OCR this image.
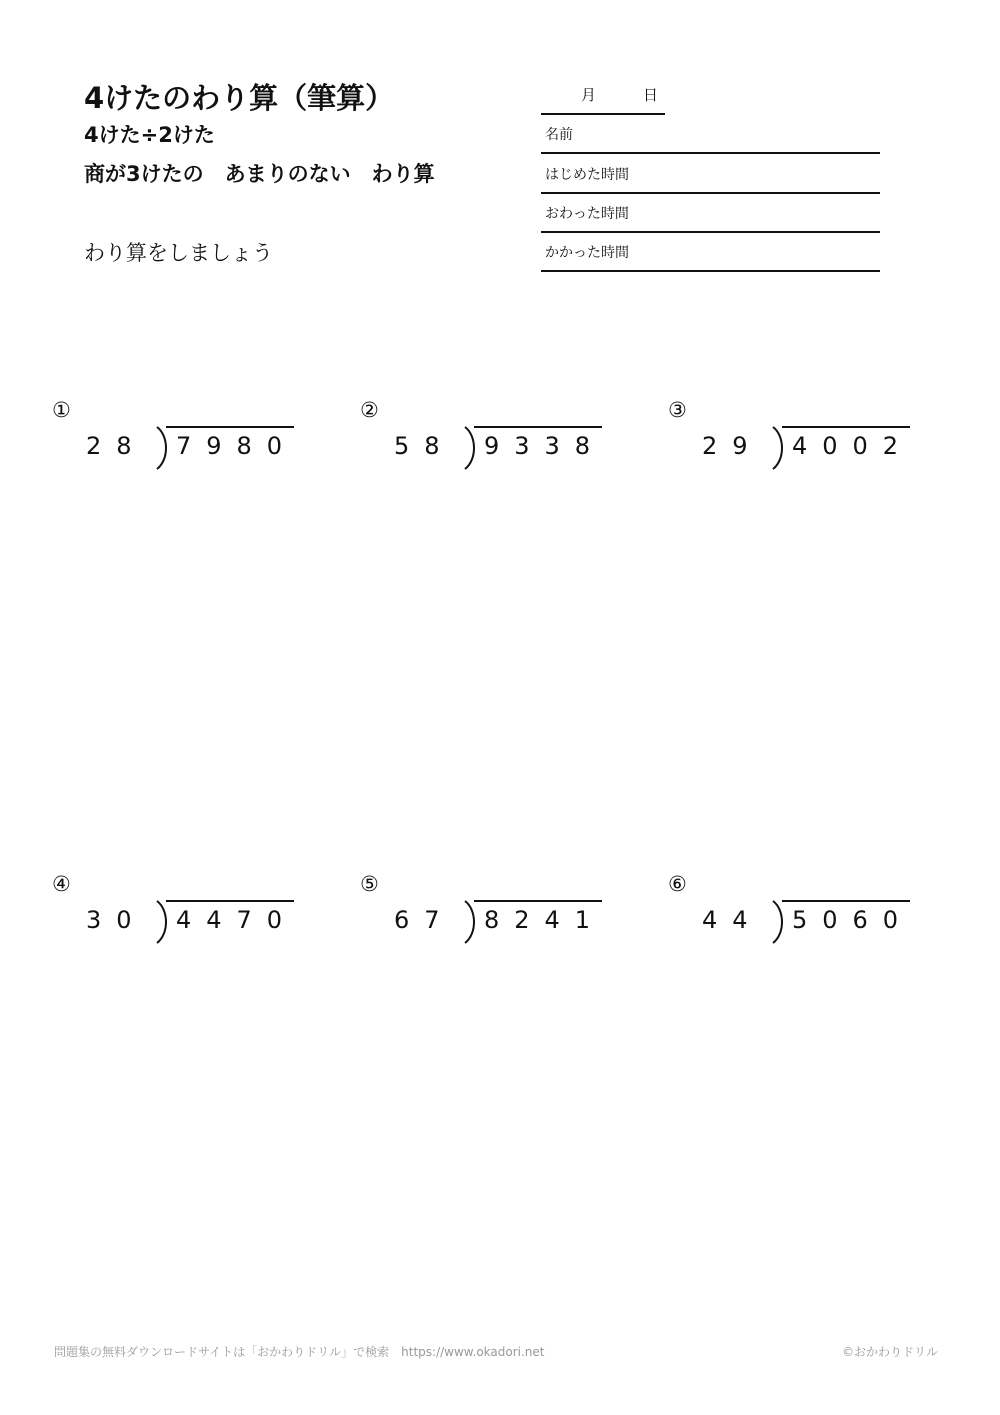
4けたのわり算（筆算）
4けた÷2けた
商が3けたの　あまりのない　わり算
わり算をしましょう
月	日
名前
はじめた時間
おわった時間
かかった時間
①
28 7980
②
58 9338
③
29 4002
④
30 4470
⑤
67 8241
⑥
44 5060
問題集の無料ダウンロードサイトは「おかわりドリル」で検索　https://www.okadori.net	©おかわりドリル
